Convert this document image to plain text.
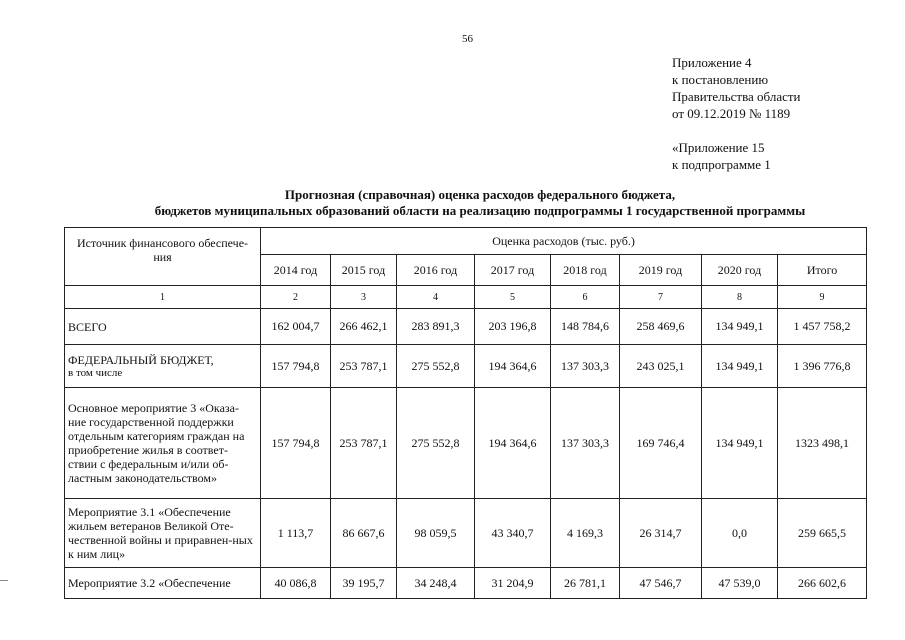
56
Приложение 4
к постановлению
Правительства области
от 09.12.2019 № 1189
«Приложение 15
к подпрограмме 1
Прогнозная (справочная) оценка расходов федерального бюджета,
бюджетов муниципальных образований области на реализацию подпрограммы 1 государственной программы
Источник финансового обеспече-ния	Оценка расходов (тыс. руб.)							
	2014 год	2015 год	2016 год	2017 год	2018 год	2019 год	2020 год	Итого
1	2	3	4	5	6	7	8	9
ВСЕГО	162 004,7	266 462,1	283 891,3	203 196,8	148 784,6	258 469,6	134 949,1	1 457 758,2
ФЕДЕРАЛЬНЫЙ БЮДЖЕТ,
в том числе	157 794,8	253 787,1	275 552,8	194 364,6	137 303,3	243 025,1	134 949,1	1 396 776,8
Основное мероприятие 3 «Оказа-ние государственной поддержки отдельным категориям граждан на приобретение жилья в соответ-ствии с федеральным и/или об-ластным законодательством»	157 794,8	253 787,1	275 552,8	194 364,6	137 303,3	169 746,4	134 949,1	1323 498,1
Мероприятие 3.1 «Обеспечение жильем ветеранов Великой Оте-чественной войны и приравнен-ных к ним лиц»	1 113,7	86 667,6	98 059,5	43 340,7	4 169,3	26 314,7	0,0	259 665,5
Мероприятие 3.2 «Обеспечение	40 086,8	39 195,7	34 248,4	31 204,9	26 781,1	47 546,7	47 539,0	266 602,6
